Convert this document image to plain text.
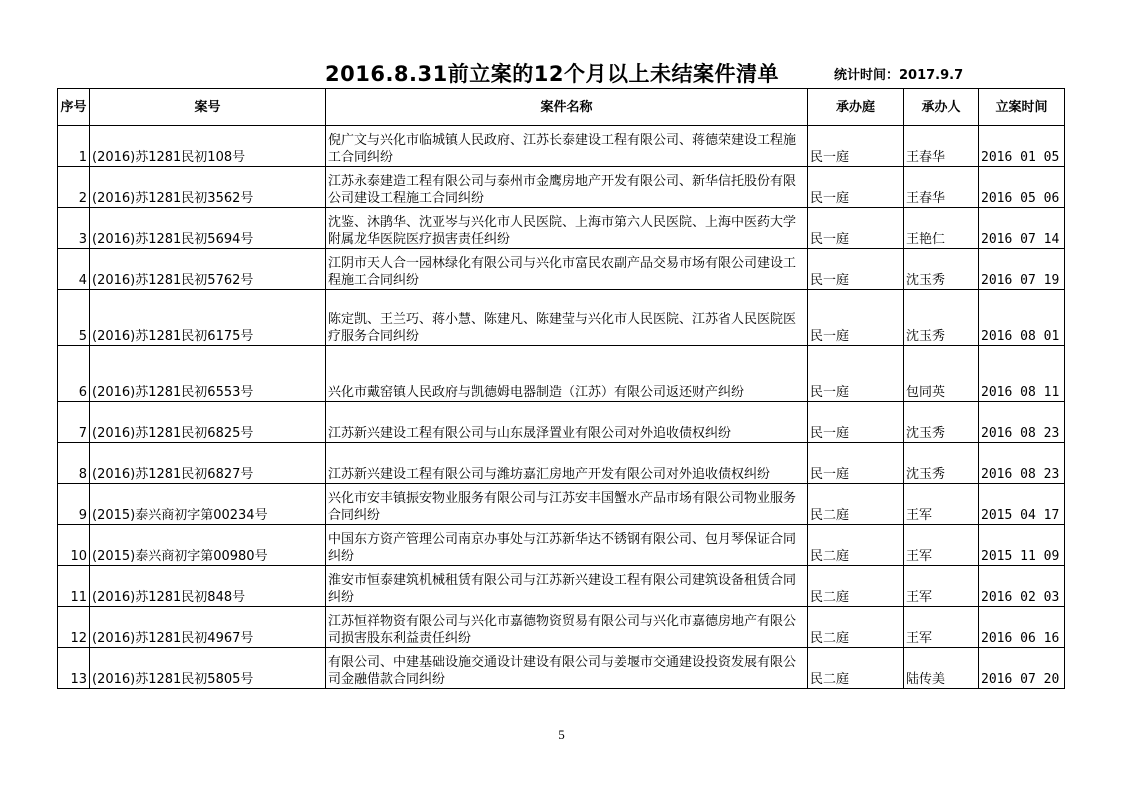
2016.8.31前立案的12个月以上未结案件清单	统计时间：2017.9.7
序号	案号	案件名称	承办庭	承办人	立案时间
1	(2016)苏1281民初108号	倪广文与兴化市临城镇人民政府、江苏长泰建设工程有限公司、蒋德荣建设工程施工合同纠纷	民一庭	王春华	2016 01 05
2	(2016)苏1281民初3562号	江苏永泰建造工程有限公司与泰州市金鹰房地产开发有限公司、新华信托股份有限公司建设工程施工合同纠纷	民一庭	王春华	2016 05 06
3	(2016)苏1281民初5694号	沈鉴、沐鹃华、沈亚岑与兴化市人民医院、上海市第六人民医院、上海中医药大学附属龙华医院医疗损害责任纠纷	民一庭	王艳仁	2016 07 14
4	(2016)苏1281民初5762号	江阴市天人合一园林绿化有限公司与兴化市富民农副产品交易市场有限公司建设工程施工合同纠纷	民一庭	沈玉秀	2016 07 19
5	(2016)苏1281民初6175号	陈定凯、王兰巧、蒋小慧、陈建凡、陈建莹与兴化市人民医院、江苏省人民医院医疗服务合同纠纷	民一庭	沈玉秀	2016 08 01
6	(2016)苏1281民初6553号	兴化市戴窑镇人民政府与凯德姆电器制造（江苏）有限公司返还财产纠纷	民一庭	包同英	2016 08 11
7	(2016)苏1281民初6825号	江苏新兴建设工程有限公司与山东晟泽置业有限公司对外追收债权纠纷	民一庭	沈玉秀	2016 08 23
8	(2016)苏1281民初6827号	江苏新兴建设工程有限公司与潍坊嘉汇房地产开发有限公司对外追收债权纠纷	民一庭	沈玉秀	2016 08 23
9	(2015)泰兴商初字第00234号	兴化市安丰镇振安物业服务有限公司与江苏安丰国蟹水产品市场有限公司物业服务合同纠纷	民二庭	王军	2015 04 17
10	(2015)泰兴商初字第00980号	中国东方资产管理公司南京办事处与江苏新华达不锈钢有限公司、包月琴保证合同纠纷	民二庭	王军	2015 11 09
11	(2016)苏1281民初848号	淮安市恒泰建筑机械租赁有限公司与江苏新兴建设工程有限公司建筑设备租赁合同纠纷	民二庭	王军	2016 02 03
12	(2016)苏1281民初4967号	江苏恒祥物资有限公司与兴化市嘉德物资贸易有限公司与兴化市嘉德房地产有限公司损害股东利益责任纠纷	民二庭	王军	2016 06 16
13	(2016)苏1281民初5805号	有限公司、中建基础设施交通设计建设有限公司与姜堰市交通建设投资发展有限公司金融借款合同纠纷	民二庭	陆传美	2016 07 20
5
